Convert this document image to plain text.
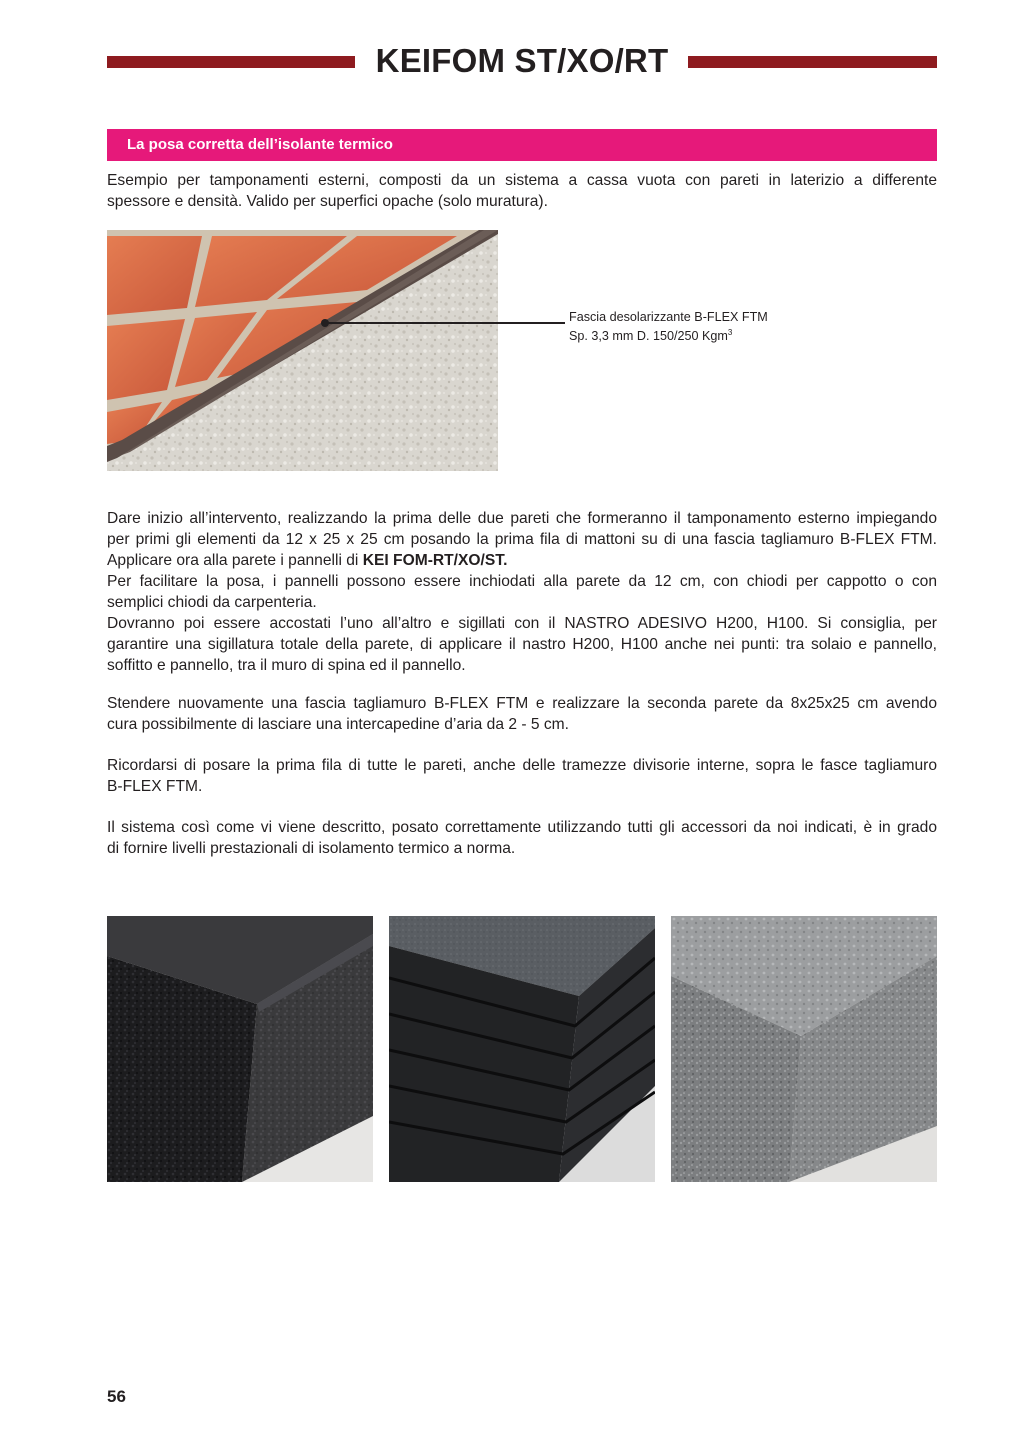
KEIFOM ST/XO/RT
La posa corretta dell’isolante termico

Esempio per tamponamenti esterni, composti da un sistema a cassa vuota con pareti in laterizio a differente
spessore e densità. Valido per superfici opache (solo muratura).

Fascia desolarizzante B-FLEX FTM
Sp. 3,3 mm D. 150/250 Kgm$^3$

Dare inizio all’intervento, realizzando la prima delle due pareti che formeranno il tamponamento esterno impiegando
per primi gli elementi da 12 x 25 x 25 cm posando la prima fila di mattoni su di una fascia tagliamuro B-FLEX FTM.
Applicare ora alla parete i pannelli di KEI FOM-RT/XO/ST.

Per facilitare la posa, i pannelli possono essere inchiodati alla parete da 12 cm, con chiodi per cappotto o con
semplici chiodi da carpenteria.

Dovranno poi essere accostati l’uno all’altro e sigillati con il NASTRO ADESIVO H200, H100. Si consiglia, per
garantire una sigillatura totale della parete, di applicare il nastro H200, H100 anche nei punti: tra solaio e pannello,
soffitto e pannello, tra il muro di spina ed il pannello.

Stendere nuovamente una fascia tagliamuro B-FLEX FTM e realizzare la seconda parete da 8x25x25 cm avendo
cura possibilmente di lasciare una intercapedine d’aria da 2 - 5 cm.

Ricordarsi di posare la prima fila di tutte le pareti, anche delle tramezze divisorie interne, sopra le fasce tagliamuro
B-FLEX FTM.

Il sistema così come vi viene descritto, posato correttamente utilizzando tutti gli accessori da noi indicati, è in grado
di fornire livelli prestazionali di isolamento termico a norma.

56
